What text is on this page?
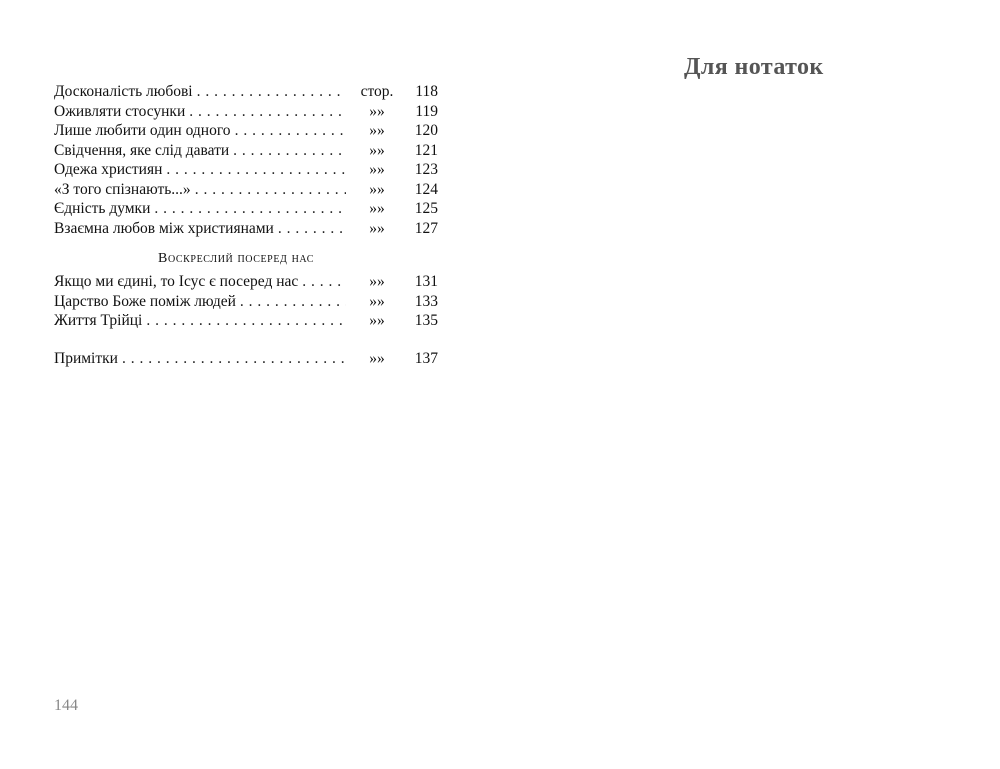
Досконалість любові . . .	стор.	118
Оживляти стосунки . . .	»»	119
Лише любити один одного . . .	»»	120
Свідчення, яке слід давати . . .	»»	121
Одежа християн . . .	»»	123
«З того спізнають...» . . .	»»	124
Єдність думки . . .	»»	125
Взаємна любов між християнами . . .	»»	127
Воскреслий посеред нас
Якщо ми єдині, то Ісус є посеред нас . . .	»»	131
Царство Боже поміж людей . . .	»»	133
Життя Трійці . . .	»»	135
Примітки . . .	»»	137
144
Для нотаток
